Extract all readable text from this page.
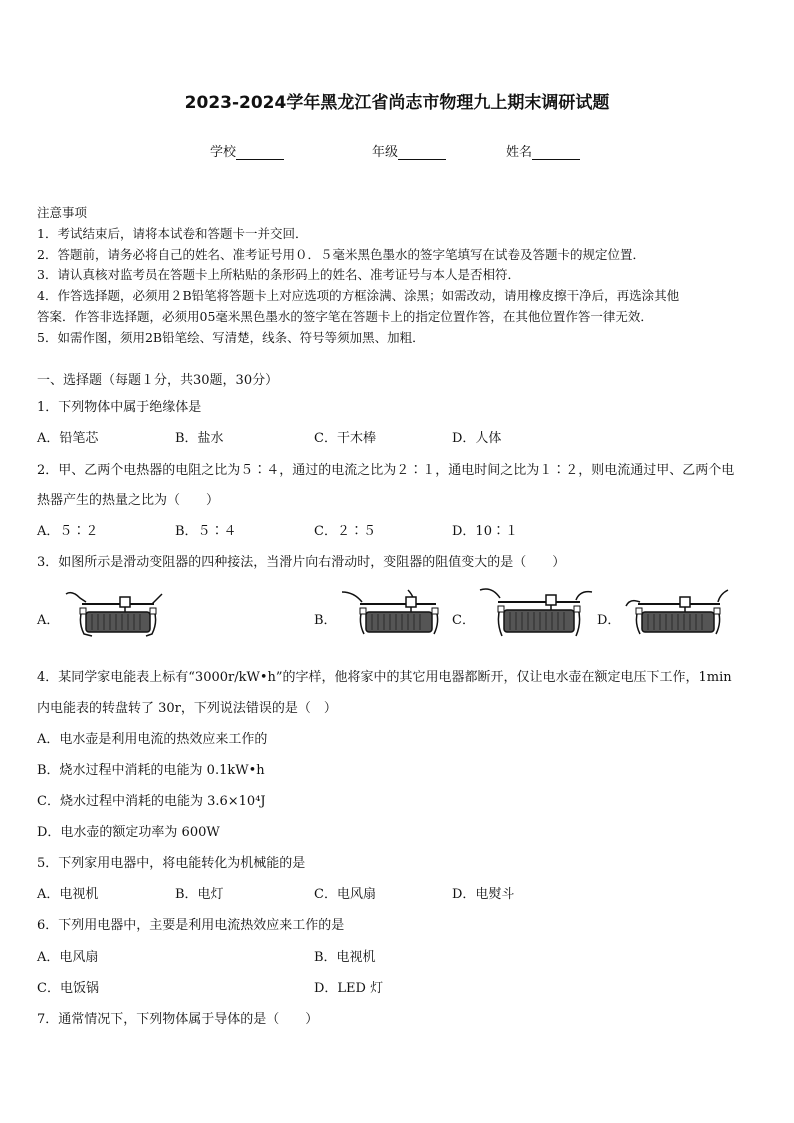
2023-2024学年黑龙江省尚志市物理九上期末调研试题
学校	年级	姓名
注意事项
1．考试结束后，请将本试卷和答题卡一并交回．
2．答题前，请务必将自己的姓名、准考证号用０．５毫米黑色墨水的签字笔填写在试卷及答题卡的规定位置．
3．请认真核对监考员在答题卡上所粘贴的条形码上的姓名、准考证号与本人是否相符．
4．作答选择题，必须用２B铅笔将答题卡上对应选项的方框涂满、涂黑；如需改动，请用橡皮擦干净后，再选涂其他
答案．作答非选择题，必须用05毫米黑色墨水的签字笔在答题卡上的指定位置作答，在其他位置作答一律无效．
5．如需作图，须用2B铅笔绘、写清楚，线条、符号等须加黑、加粗．
一、选择题（每题１分，共30题，30分）
1．下列物体中属于绝缘体是
A．铅笔芯	B．盐水	C．干木棒	D．人体
2．甲、乙两个电热器的电阻之比为５∶４，通过的电流之比为２∶１，通电时间之比为１∶２，则电流通过甲、乙两个电
热器产生的热量之比为（　　）
A．５∶２	B．５∶４	C．２∶５	D．10∶１
3．如图所示是滑动变阻器的四种接法，当滑片向右滑动时，变阻器的阻值变大的是（　　）
A．	B．	C．	D．
4．某同学家电能表上标有“3000r/kW•h”的字样，他将家中的其它用电器都断开，仅让电水壶在额定电压下工作，1min
内电能表的转盘转了 30r，下列说法错误的是（　）
A．电水壶是利用电流的热效应来工作的
B．烧水过程中消耗的电能为 0.1kW•h
C．烧水过程中消耗的电能为 3.6×10⁴J
D．电水壶的额定功率为 600W
5．下列家用电器中，将电能转化为机械能的是
A．电视机	B．电灯	C．电风扇	D．电熨斗
6．下列用电器中，主要是利用电流热效应来工作的是
A．电风扇	B．电视机
C．电饭锅	D．LED 灯
7．通常情况下，下列物体属于导体的是（　　）
